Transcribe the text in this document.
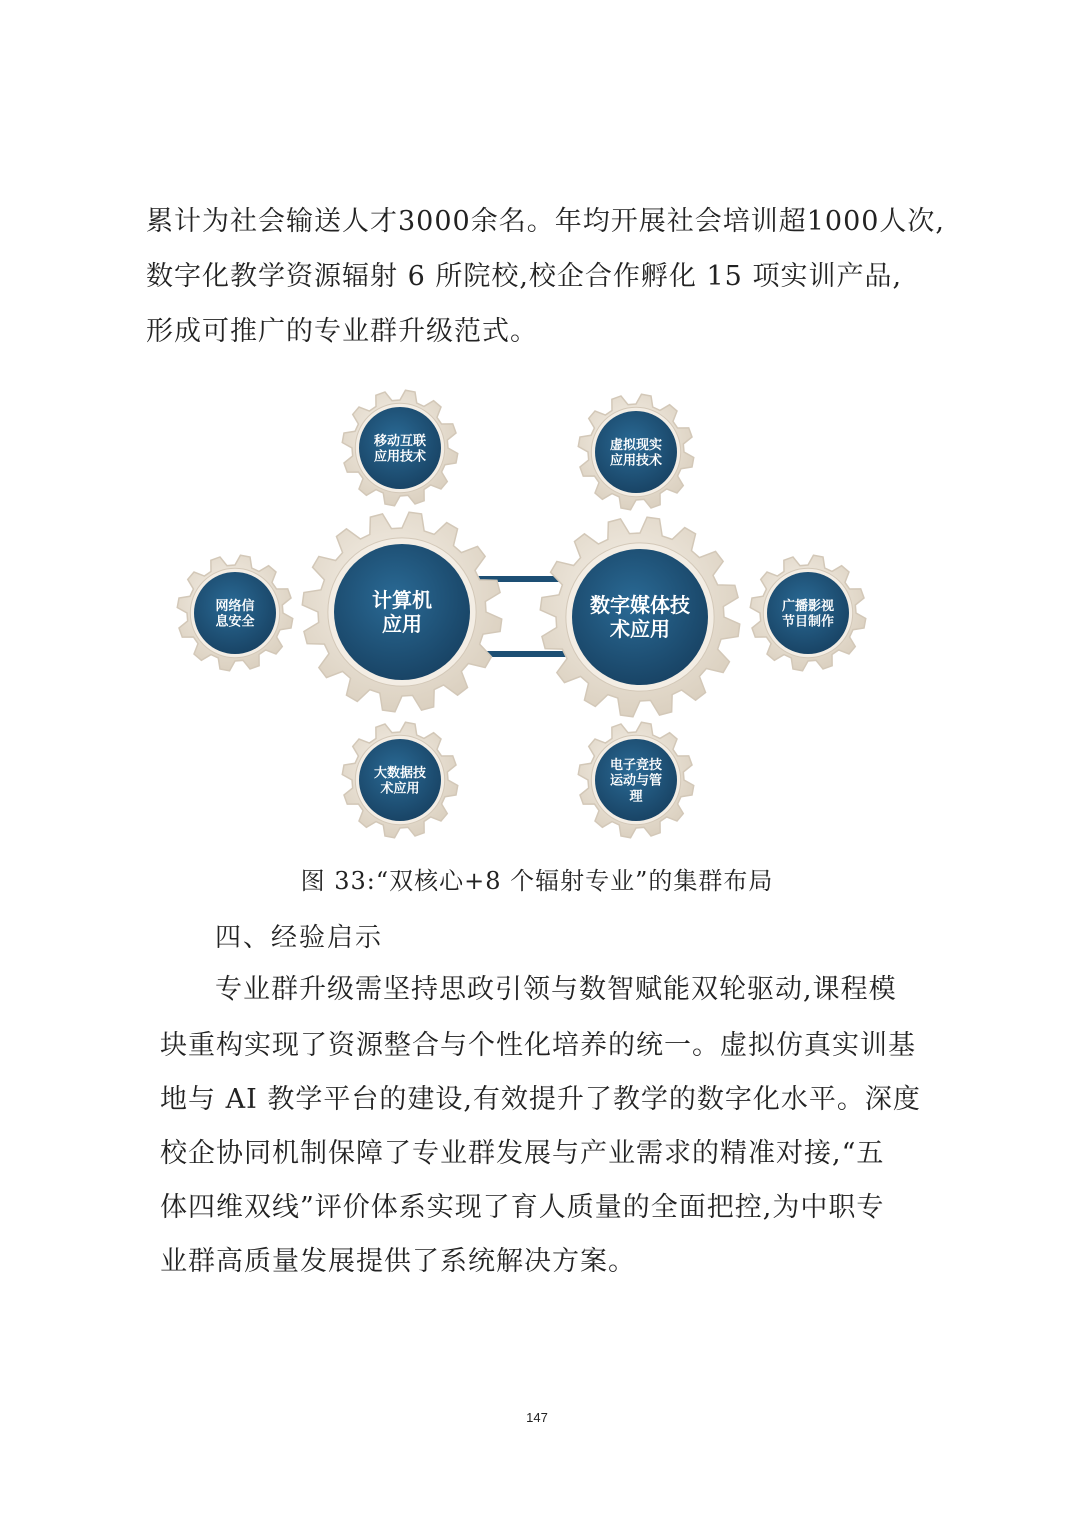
累计为社会输送人才3000余名。年均开展社会培训超1000人次,

数字化教学资源辐射 6 所院校,校企合作孵化 15 项实训产品,

形成可推广的专业群升级范式。

移动互联
应用技术
虚拟现实
应用技术
网络信
息安全
广播影视
节目制作
大数据技
术应用
电子竞技
运动与管
理
计算机
应用
数字媒体技
术应用

图 33:“双核心+8 个辐射专业”的集群布局

四、经验启示

专业群升级需坚持思政引领与数智赋能双轮驱动,课程模

块重构实现了资源整合与个性化培养的统一。虚拟仿真实训基

地与 AI 教学平台的建设,有效提升了教学的数字化水平。深度

校企协同机制保障了专业群发展与产业需求的精准对接,“五

体四维双线”评价体系实现了育人质量的全面把控,为中职专

业群高质量发展提供了系统解决方案。

147
